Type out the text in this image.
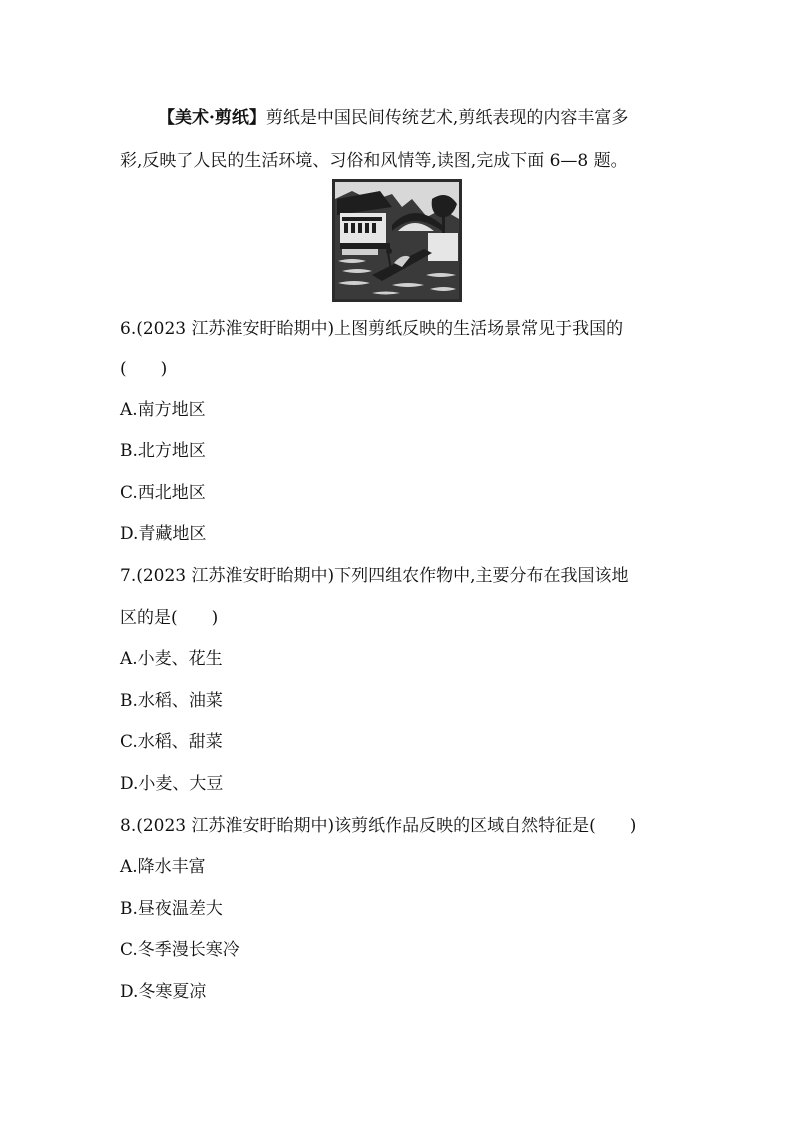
【美术·剪纸】剪纸是中国民间传统艺术,剪纸表现的内容丰富多
彩,反映了人民的生活环境、习俗和风情等,读图,完成下面 6—8 题。
6.(2023 江苏淮安盱眙期中)上图剪纸反映的生活场景常见于我国的
(　　)
A.南方地区
B.北方地区
C.西北地区
D.青藏地区
7.(2023 江苏淮安盱眙期中)下列四组农作物中,主要分布在我国该地
区的是(　　)
A.小麦、花生
B.水稻、油菜
C.水稻、甜菜
D.小麦、大豆
8.(2023 江苏淮安盱眙期中)该剪纸作品反映的区域自然特征是(　　)
A.降水丰富
B.昼夜温差大
C.冬季漫长寒冷
D.冬寒夏凉
